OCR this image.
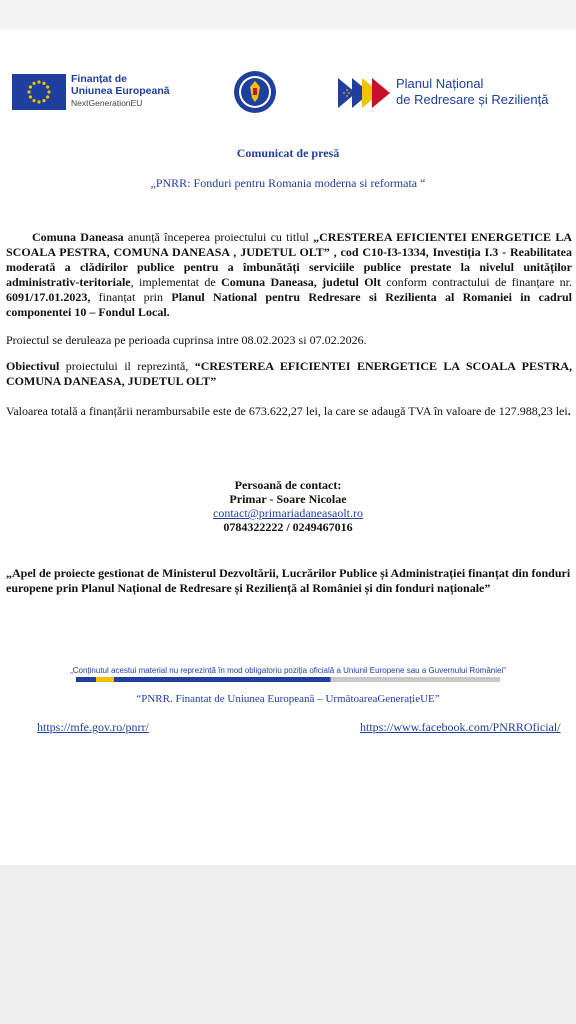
Finanțat de
Uniunea Europeană
NextGenerationEU
Planul Național
de Redresare și Reziliență
Comunicat de presă
„PNRR: Fonduri pentru Romania moderna si reformata “
Comuna Daneasa anunță începerea proiectului cu titlul „CRESTEREA EFICIENTEI ENERGETICE LA SCOALA PESTRA, COMUNA DANEASA , JUDETUL OLT” , cod C10-I3-1334, Investiția I.3 - Reabilitatea moderată a clădirilor publice pentru a îmbunătăți serviciile publice prestate la nivelul unităților administrativ-teritoriale, implementat de Comuna Daneasa, judetul Olt conform contractului de finanțare nr. 6091/17.01.2023, finanțat prin Planul National pentru Redresare si Rezilienta al Romaniei in cadrul componentei 10 – Fondul Local.
Proiectul se deruleaza pe perioada cuprinsa intre 08.02.2023 si 07.02.2026.
Obiectivul proiectului il reprezintă, “CRESTEREA EFICIENTEI ENERGETICE LA SCOALA PESTRA, COMUNA DANEASA, JUDETUL OLT”
Valoarea totală a finanțării nerambursabile este de 673.622,27 lei, la care se adaugă TVA în valoare de 127.988,23 lei.
Persoană de contact:
Primar - Soare Nicolae
contact@primariadaneasaolt.ro
0784322222 / 0249467016
„Apel de proiecte gestionat de Ministerul Dezvoltării, Lucrărilor Publice și Administrației finanțat din fonduri europene prin Planul Național de Redresare și Reziliență al României și din fonduri naționale”
„Conținutul acestui material nu reprezintă în mod obligatoriu poziția oficială a Uniunii Europene sau a Guvernului României”
“PNRR. Finantat de Uniunea Europeană – UrmătoareaGenerațieUE”
https://mfe.gov.ro/pnrr/	https://www.facebook.com/PNRROficial/
